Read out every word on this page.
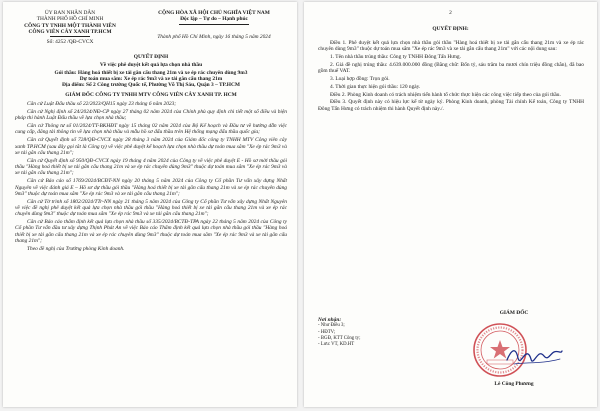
ỦY BAN NHÂN DÂN

THÀNH PHỐ HỒ CHÍ MINH

CÔNG TY TNHH MỘT THÀNH VIÊN

CÔNG VIÊN CÂY XANH TP.HCM

Số: 4252 /QĐ-CVCX

CỘNG HÒA XÃ HỘI CHỦ NGHĨA VIỆT NAM

Độc lập – Tự do – Hạnh phúc

Thành phố Hồ Chí Minh, ngày 16 tháng 5 năm 2024

QUYẾT ĐỊNH

Về việc phê duyệt kết quả lựa chọn nhà thầu

Gói thầu: Hàng hoá thiết bị xe tải gắn cẩu thang 21m và xe ép rác chuyên dùng 9m3

Dự toán mua sắm: Xe ép rác 9m3 và xe tải gắn cẩu thang 21m

Địa điểm: Số 2 Công trường Quốc tế, Phường Võ Thị Sáu, Quận 3 – TP.HCM

GIÁM ĐỐC CÔNG TY TNHH MTV CÔNG VIÊN CÂY XANH TP. HCM

Căn cứ Luật Đấu thầu số 22/2023/QH15 ngày 23 tháng 6 năm 2023;

Căn cứ Nghị định số 24/2024/NĐ-CP ngày 27 tháng 02 năm 2024 của Chính phủ quy định chi tiết một số điều và biện pháp thi hành Luật Đấu thầu về lựa chọn nhà thầu;

Căn cứ Thông tư số 01/2024/TT-BKHĐT ngày 15 tháng 02 năm 2024 của Bộ Kế hoạch và Đầu tư về hướng dẫn việc cung cấp, đăng tải thông tin về lựa chọn nhà thầu và mẫu hồ sơ đấu thầu trên Hệ thống mạng đấu thầu quốc gia;

Căn cứ Quyết định số 728/QĐ-CVCX ngày 28 tháng 3 năm 2024 của Giám đốc công ty TNHH MTV Công viên cây xanh TP.HCM (sau đây gọi tắt là Công ty) về việc phê duyệt kế hoạch lựa chọn nhà thầu dự toán mua sắm "Xe ép rác 9m3 và xe tải gắn cẩu thang 21m";

Căn cứ Quyết định số 950/QĐ-CVCX ngày 19 tháng 4 năm 2024 của Công ty về việc phê duyệt E - Hồ sơ mời thầu gói thầu "Hàng hoá thiết bị xe tải gắn cẩu thang 21m và xe ép rác chuyên dùng 9m3" thuộc dự toán mua sắm "Xe ép rác 9m3 và xe tải gắn cẩu thang 21m";

Căn cứ Báo cáo số 1769/2024/BCĐT-NN ngày 20 tháng 5 năm 2024 của Công ty Cổ phần Tư vấn xây dựng Nhất Nguyên về việc đánh giá E – Hồ sơ dự thầu gói thầu "Hàng hoá thiết bị xe tải gắn cẩu thang 21m và xe ép rác chuyên dùng 9m3" thuộc dự toán mua sắm "Xe ép rác 9m3 và xe tải gắn cẩu thang 21m";

Căn cứ Tờ trình số 1802/2024/TTr-NN ngày 21 tháng 5 năm 2024 của Công ty Cổ phần Tư vấn xây dựng Nhất Nguyên về việc đề nghị phê duyệt kết quả lựa chọn nhà thầu gói thầu "Hàng hoá thiết bị xe tải gắn cẩu thang 21m và xe ép rác chuyên dùng 9m3" thuộc dự toán mua sắm "Xe ép rác 9m3 và xe tải gắn cẩu thang 21m";

Căn cứ Báo cáo thẩm định kết quả lựa chọn nhà thầu số 335/2024/BCTĐ-TPA ngày 22 tháng 5 năm 2024 của Công ty Cổ phần Tư vấn đầu tư xây dựng Thịnh Phát An về việc Báo cáo Thẩm định kết quả lựa chọn nhà thầu gói thầu "Hàng hoá thiết bị xe tải gắn cẩu thang 21m và xe ép rác chuyên dùng 9m3" thuộc dự toán mua sắm "Xe ép rác 9m3 và xe tải gắn cẩu thang 21m";

Theo đề nghị của Trưởng phòng Kinh doanh.

2

QUYẾT ĐỊNH:

Điều 1. Phê duyệt kết quả lựa chọn nhà thầu gói thầu "Hàng hoá thiết bị xe tải gắn cẩu thang 21m và xe ép rác chuyên dùng 9m3" thuộc dự toán mua sắm "Xe ép rác 9m3 và xe tải gắn cẩu thang 21m" với các nội dung sau:

1. Tên nhà thầu trúng thầu: Công ty TNHH Đông Tấn Hưng.

2. Giá đề nghị trúng thầu: 4.639.000.000 đồng (Bằng chữ: Bốn tỷ, sáu trăm ba mươi chín triệu đồng chẵn), đã bao gồm thuế VAT.

3. Loại hợp đồng: Trọn gói.

4. Thời gian thực hiện gói thầu: 120 ngày.

Điều 2. Phòng Kinh doanh có trách nhiệm tiến hành tổ chức thực hiện các công việc tiếp theo của gói thầu.

Điều 3. Quyết định này có hiệu lực kể từ ngày ký. Phòng Kinh doanh, phòng Tài chính Kế toán, Công ty TNHH Đông Tấn Hưng có trách nhiệm thi hành Quyết định này./.

Nơi nhận:

- Như Điều 3;

- HĐTV;

- BGĐ, KTT Công ty;

- Lưu: VT, KD.HT

GIÁM ĐỐC

Lê Công Phương
